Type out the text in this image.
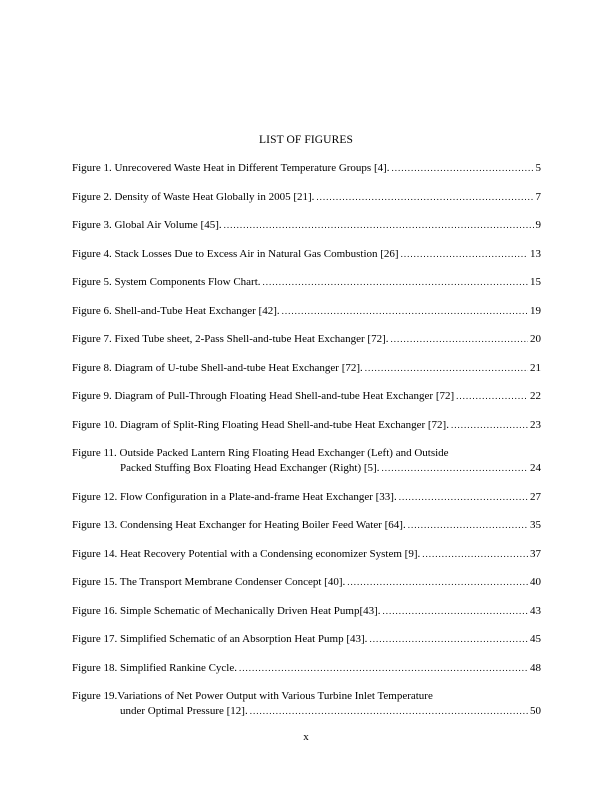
LIST OF FIGURES
Figure 1. Unrecovered Waste Heat in Different Temperature Groups [4]. .....	5
Figure 2. Density of Waste Heat Globally in 2005 [21]. .....	7
Figure 3. Global Air Volume [45]. .....	9
Figure 4. Stack Losses Due to Excess Air in Natural Gas Combustion [26] .....	13
Figure 5. System Components Flow Chart. .....	15
Figure 6. Shell-and-Tube Heat Exchanger [42]. .....	19
Figure 7. Fixed Tube sheet, 2-Pass Shell-and-tube Heat Exchanger [72]. .....	20
Figure 8. Diagram of U-tube Shell-and-tube Heat Exchanger [72]. .....	21
Figure 9. Diagram of Pull-Through Floating Head Shell-and-tube Heat Exchanger [72] .....	22
Figure 10. Diagram of Split-Ring Floating Head Shell-and-tube Heat Exchanger [72]. .....	23
Figure 11. Outside Packed Lantern Ring Floating Head Exchanger (Left) and Outside
Packed Stuffing Box Floating Head Exchanger (Right) [5]. .....	24
Figure 12. Flow Configuration in a Plate-and-frame Heat Exchanger [33]. .....	27
Figure 13. Condensing Heat Exchanger for Heating Boiler Feed Water [64]. .....	35
Figure 14. Heat Recovery Potential with a Condensing economizer System [9]. .....	37
Figure 15. The Transport Membrane Condenser Concept [40]. .....	40
Figure 16. Simple Schematic of Mechanically Driven Heat Pump[43]. .....	43
Figure 17. Simplified Schematic of an Absorption Heat Pump [43]. .....	45
Figure 18. Simplified Rankine Cycle. .....	48
Figure 19.Variations of Net Power Output with Various Turbine Inlet Temperature
under Optimal Pressure [12]. .....	50
x
